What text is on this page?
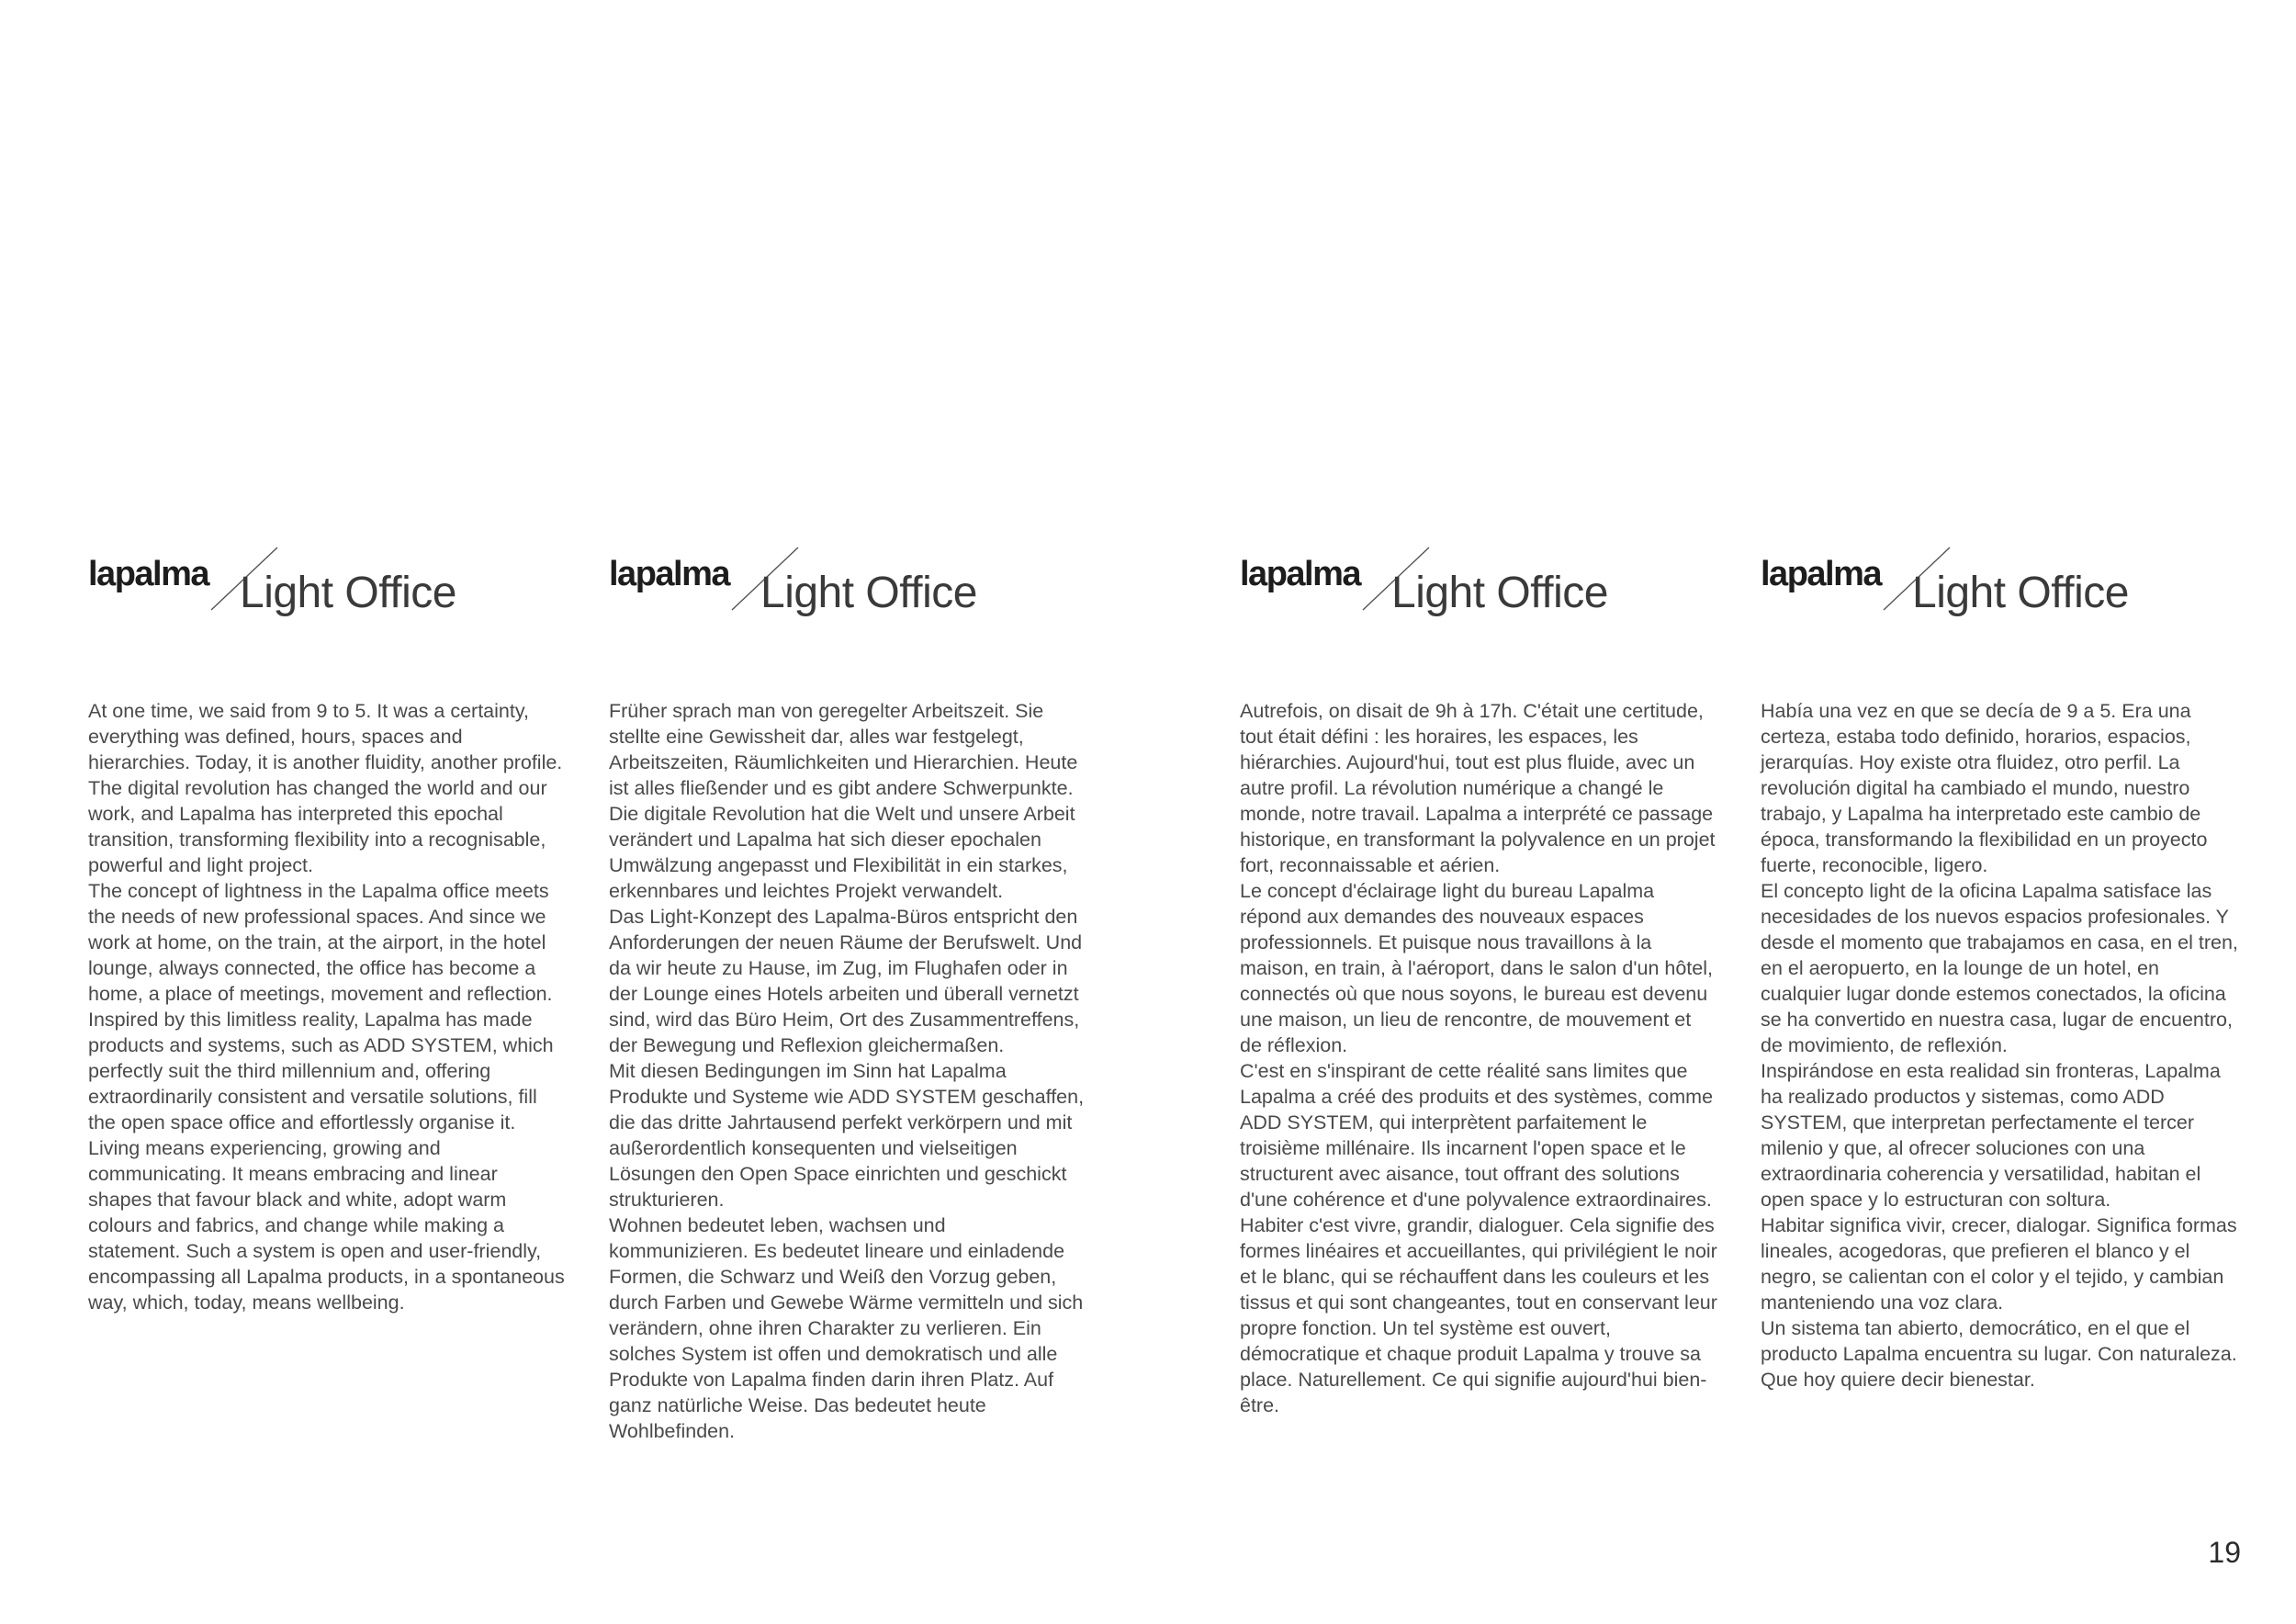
lapalma Light Office

At one time, we said from 9 to 5. It was a certainty, everything was defined, hours, spaces and hierarchies. Today, it is another fluidity, another profile. The digital revolution has changed the world and our work, and Lapalma has interpreted this epochal transition, transforming flexibility into a recognisable, powerful and light project.

The concept of lightness in the Lapalma office meets the needs of new professional spaces. And since we work at home, on the train, at the airport, in the hotel lounge, always connected, the office has become a home, a place of meetings, movement and reflection.

Inspired by this limitless reality, Lapalma has made products and systems, such as ADD SYSTEM, which perfectly suit the third millennium and, offering extraordinarily consistent and versatile solutions, fill the open space office and effortlessly organise it.

Living means experiencing, growing and communicating. It means embracing and linear shapes that favour black and white, adopt warm colours and fabrics, and change while making a statement. Such a system is open and user-friendly, encompassing all Lapalma products, in a spontaneous way, which, today, means wellbeing.

lapalma Light Office

Früher sprach man von geregelter Arbeitszeit. Sie stellte eine Gewissheit dar, alles war festgelegt, Arbeitszeiten, Räumlichkeiten und Hierarchien. Heute ist alles fließender und es gibt andere Schwerpunkte. Die digitale Revolution hat die Welt und unsere Arbeit verändert und Lapalma hat sich dieser epochalen Umwälzung angepasst und Flexibilität in ein starkes, erkennbares und leichtes Projekt verwandelt.

Das Light-Konzept des Lapalma-Büros entspricht den Anforderungen der neuen Räume der Berufswelt. Und da wir heute zu Hause, im Zug, im Flughafen oder in der Lounge eines Hotels arbeiten und überall vernetzt sind, wird das Büro Heim, Ort des Zusammentreffens, der Bewegung und Reflexion gleichermaßen.

Mit diesen Bedingungen im Sinn hat Lapalma Produkte und Systeme wie ADD SYSTEM geschaffen, die das dritte Jahrtausend perfekt verkörpern und mit außerordentlich konsequenten und vielseitigen Lösungen den Open Space einrichten und geschickt strukturieren.

Wohnen bedeutet leben, wachsen und kommunizieren. Es bedeutet lineare und einladende Formen, die Schwarz und Weiß den Vorzug geben, durch Farben und Gewebe Wärme vermitteln und sich verändern, ohne ihren Charakter zu verlieren. Ein solches System ist offen und demokratisch und alle Produkte von Lapalma finden darin ihren Platz. Auf ganz natürliche Weise. Das bedeutet heute Wohlbefinden.

lapalma Light Office

Autrefois, on disait de 9h à 17h. C'était une certitude, tout était défini : les horaires, les espaces, les hiérarchies. Aujourd'hui, tout est plus fluide, avec un autre profil. La révolution numérique a changé le monde, notre travail. Lapalma a interprété ce passage historique, en transformant la polyvalence en un projet fort, reconnaissable et aérien.

Le concept d'éclairage light du bureau Lapalma répond aux demandes des nouveaux espaces professionnels. Et puisque nous travaillons à la maison, en train, à l'aéroport, dans le salon d'un hôtel, connectés où que nous soyons, le bureau est devenu une maison, un lieu de rencontre, de mouvement et de réflexion.

C'est en s'inspirant de cette réalité sans limites que Lapalma a créé des produits et des systèmes, comme ADD SYSTEM, qui interprètent parfaitement le troisième millénaire. Ils incarnent l'open space et le structurent avec aisance, tout offrant des solutions d'une cohérence et d'une polyvalence extraordinaires.

Habiter c'est vivre, grandir, dialoguer. Cela signifie des formes linéaires et accueillantes, qui privilégient le noir et le blanc, qui se réchauffent dans les couleurs et les tissus et qui sont changeantes, tout en conservant leur propre fonction. Un tel système est ouvert, démocratique et chaque produit Lapalma y trouve sa place. Naturellement. Ce qui signifie aujourd'hui bien-être.

lapalma Light Office

Había una vez en que se decía de 9 a 5. Era una certeza, estaba todo definido, horarios, espacios, jerarquías. Hoy existe otra fluidez, otro perfil. La revolución digital ha cambiado el mundo, nuestro trabajo, y Lapalma ha interpretado este cambio de época, transformando la flexibilidad en un proyecto fuerte, reconocible, ligero.

El concepto light de la oficina Lapalma satisface las necesidades de los nuevos espacios profesionales. Y desde el momento que trabajamos en casa, en el tren, en el aeropuerto, en la lounge de un hotel, en cualquier lugar donde estemos conectados, la oficina se ha convertido en nuestra casa, lugar de encuentro, de movimiento, de reflexión.

Inspirándose en esta realidad sin fronteras, Lapalma ha realizado productos y sistemas, como ADD SYSTEM, que interpretan perfectamente el tercer milenio y que, al ofrecer soluciones con una extraordinaria coherencia y versatilidad, habitan el open space y lo estructuran con soltura.

Habitar significa vivir, crecer, dialogar. Significa formas lineales, acogedoras, que prefieren el blanco y el negro, se calientan con el color y el tejido, y cambian manteniendo una voz clara.

Un sistema tan abierto, democrático, en el que el producto Lapalma encuentra su lugar. Con naturaleza. Que hoy quiere decir bienestar.

19
